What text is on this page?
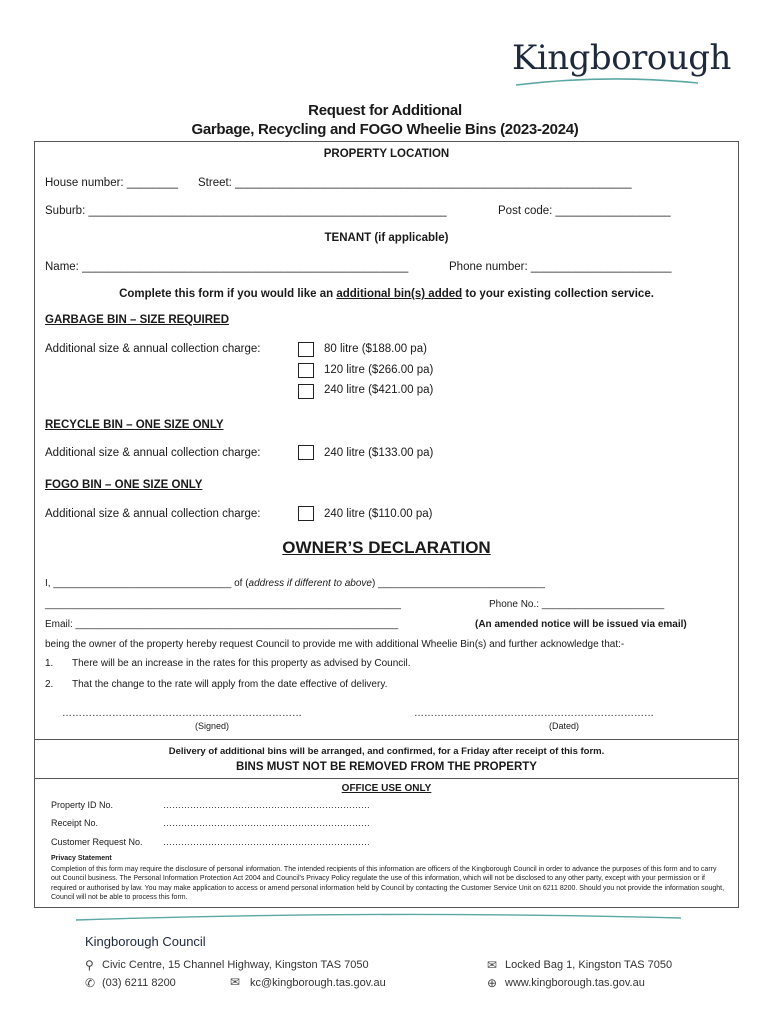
Kingborough
Request for Additional
Garbage, Recycling and FOGO Wheelie Bins (2023-2024)
PROPERTY LOCATION
House number: ________ Street: ______________________________________________________________
Suburb: ________________________________________________________	Post code: __________________
TENANT (if applicable)
Name: ___________________________________________________	Phone number: ______________________
Complete this form if you would like an additional bin(s) added to your existing collection service.
GARBAGE BIN – SIZE REQUIRED
Additional size & annual collection charge:	80 litre ($188.00 pa)
120 litre ($266.00 pa)
240 litre ($421.00 pa)
RECYCLE BIN – ONE SIZE ONLY
Additional size & annual collection charge:	240 litre ($133.00 pa)
FOGO BIN – ONE SIZE ONLY
Additional size & annual collection charge:	240 litre ($110.00 pa)
OWNER’S DECLARATION
I, ________________________________ of (address if different to above) ______________________________
________________________________________________________________	Phone No.: ______________________
Email: __________________________________________________________	(An amended notice will be issued via email)
being the owner of the property hereby request Council to provide me with additional Wheelie Bin(s) and further acknowledge that:-
1. There will be an increase in the rates for this property as advised by Council.
2. That the change to the rate will apply from the date effective of delivery.
………………………………………………………………	………………………………………………………………
(Signed)	(Dated)
Delivery of additional bins will be arranged, and confirmed, for a Friday after receipt of this form.
BINS MUST NOT BE REMOVED FROM THE PROPERTY
OFFICE USE ONLY
Property ID No.	……………………………………………………………
Receipt No.	……………………………………………………………
Customer Request No. ……………………………………………………………
Privacy Statement
Completion of this form may require the disclosure of personal information. The intended recipients of this information are officers of the Kingborough Council in order to advance the purposes of this form and to carry out Council business. The Personal Information Protection Act 2004 and Council's Privacy Policy regulate the use of this information, which will not be disclosed to any other party, except with your permission or if required or authorised by law. You may make application to access or amend personal information held by Council by contacting the Customer Service Unit on 6211 8200. Should you not provide the information sought, Council will not be able to process this form.
Kingborough Council
⚲ Civic Centre, 15 Channel Highway, Kingston TAS 7050
✆ (03) 6211 8200	✉ kc@kingborough.tas.gov.au
✉ Locked Bag 1, Kingston TAS 7050
⊕ www.kingborough.tas.gov.au
